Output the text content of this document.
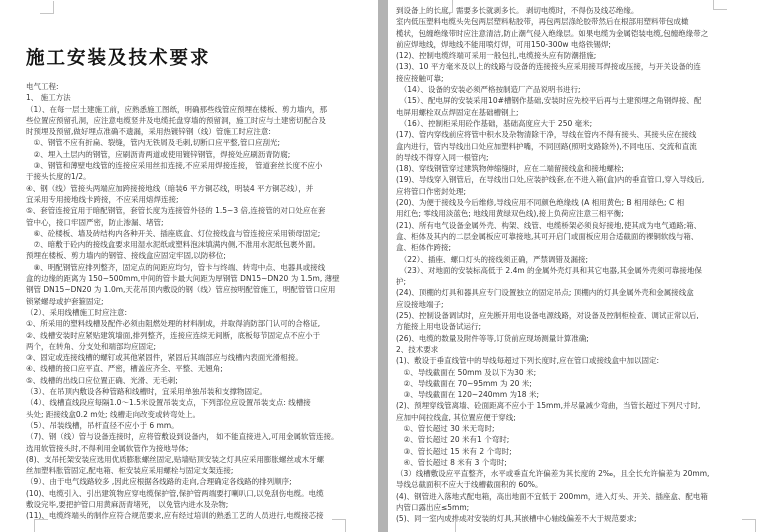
施工安装及技术要求
电气工程:
1、 施工方法
（1）、在每一层土建施工前，应熟悉施工图纸，明确那些线管应预埋在楼板、剪力墙内，那
些位置应预留孔洞，应注意电缆竖井及电缆托盘穿墙的预留洞，施工时应与土建密切配合及
时预埋及预留,做好埋点准确不遗漏，采用热镀锌钢（线）管施工时应注意:
　①、钢管不应有折扁、裂缝，管内无铁屑及毛刺,切断口应平整,管口应刮光;
　②、埋入土层内的钢管，应刷沥青两道或使用镀锌钢管，焊接处应刷沥青防腐;
　③、钢管和薄壁电线管的连接应采用丝扣连接,不应采用焊接连接， 管道套丝长度不应小
于接头长度的1/2。
④、钢（线）管接头两端应加跨接接地线（暗装6 平方铜芯线，明装4 平方铜芯线），并
宜采用专用接地线卡跨接，不应采用熔焊连接;
⑤、套管连接宜用于暗配钢管，套管长度为连接管外径的 1.5~3 倍,连接管的对口处应在套
管中心，接口牢固严密，防止渗漏、堵管;
　⑥、砼楼板、墙及砖结构内各种开关、插座底盒、灯位接线盒与管连接应采用锁母固定;
　⑦、暗敷于砼内的接线盒要求用湿水泥纸或塑料泡沫填满内侧,不准用水泥纸包裹外面。
预埋在楼板、剪力墙内的钢管、接线盒应固定牢固,以防移位;
　⑧、明配钢管应排列整齐，固定点的间距应均匀，管卡与终端、转弯中点、电器具或接线
盒的边缘的距离为 150~500mm,中间的管卡最大间距为厚钢管 DN15~DN20 为 1.5m, 薄壁
钢管 DN15~DN20 为 1.0m,天花吊顶内敷设的钢（线）管应按明配管施工，明配管管口应用
锁紧螺母或护套箍固定;
（2）、采用线槽施工时应注意:
①、所采用的塑料线槽及配件必须由阻燃处理的材料制成，并取得消防部门认可的合格证,
②、线槽安装时应紧贴建筑墙面,排列整齐，连接应连续无间断，底板每节固定点不应小于
两个，在转角、分支处和端部均应固定;
③、固定或连接线槽的螺钉或其他紧固件，紧固后其端部应与线槽内表面光滑相接。
④、线槽的接口应平直、严密，槽盖应齐全、平整、无翘角;
⑤、线槽的出线口应位置正确、光滑、无毛刺;
（3）、在吊顶内敷设各种管路和线槽时，宜采用单独吊装和支撑物固定。
（4）、线槽直线段应每隔1.0～1.5米设置吊装支点，下列部位应设置吊装支点: 线槽接
头处; 距接线盒0.2 m处; 线槽走向改变或转弯处上。
（5）、吊装线槽，吊杆直径不应小于 6 mm。
（7)、钢（线）管与设备连接时，应将管敷设到设备内， 如不能直接进入,可用金属软管连接。
选用软管接头时,不得利用金属软管作为接地导体;
(8)、支吊托架安装应选用优质膨胀螺丝固定,贴墙贴顶安装之灯具应采用膨胀螺丝或木牙螺
丝加塑料胀管固定,配电箱、柜安装应采用螺栓与固定支架连接;
（9）、由于电气线路较多 ,因此应根据各线路的走向,合理确定各线路的排列顺序;
(10)、电缆引入、引出建筑物应穿电缆保护管,保护管两端要打喇叭口,以免刮伤电缆。电缆
敷设完毕,要把护管口用黄麻沥青堵死， 以免管内进水及杂物;
(11)、电缆终端头的制作应符合规范要求,应有经过培训的熟悉工艺的人员进行,电缆接芯接
到设备上的长度，需要多长就剥多长。 剥切电缆时，不得伤及线芯绝缘。
室内低压塑料电缆头先包两层塑料粘胶带，再包两层涤纶胶带然后在根部用塑料带包成橄
榄状，包缠绝缘带时应注意清洁,防止潮气侵入绝缘层。如果电缆为金属铠装电缆,包缠绝缘带之
前应焊地线，焊地线不能用喷灯焊，可用150-300w 电烙铁锡焊;
(12)、控制电缆终端可采用一般包扎,电缆接头应有防潮措施;
(13)、10 平方毫米及以上的线路与设备的连接接头应采用接耳焊接或压接，与开关设备的连
接应接触可靠;
　（14）、设备的安装必须严格按制造厂产品说明书进行;
　（15）、配电屏的安装采用10#槽钢作基础,安装时应先校平后再与土建预埋之角钢焊接、配
电屏用螺栓双点焊固定在基础槽钢上;
　（16）、控制柜采用砼作基础，基础高度应大于 250 毫米;
(17)、管内穿线前应将管中积水及杂物清除干净，导线在管内不得有接头、其接头应在接线
盒内进行，管内导线出口处应加塑料护嘴，不同回路(照明支路除外),不同电压、交流和直流
的导线不得穿入同一根管内;
(18)、穿线钢管穿过建筑物伸缩缝时，应在二端留接线盒和接地螺栓;
(19)、导线穿入钢管后，在导线出口处,应装护线套,在不进入箱(盒)内的垂直管口,穿入导线后,
应将管口作密封处理;
(20)、为便于接线及今后维修,导线应用不同颜色绝缘线 (A 相用黄色; B 相用绿色; C 相
用红色; 零线用淡蓝色; 地线用黄绿双色线),接上负荷应注意三相平衡;
(21)、所有电气设备金属外壳、构架、线管、电缆桥架必须良好接地,使其成为电气通路;箱、
盒、柜体及其内的二层金属板应可靠接地,其可开启门或面板应用合适截面的裸铜软线与箱、
盒、柜体作跨接;
　（22）、插座、螺口灯头的接线须正确，严禁调错及漏接;
　（23）、对地面的安装标高低于 2.4m 的金属外壳灯具和其它电器,其金属外壳须可靠接地保
护;
(24)、顶棚的灯具和器具应专门设置独立的固定吊点; 顶棚内的灯具金属外壳和金属接线盒
应设接地端子;
(25)、控制设备调试时，应先断开用电设备电源线路，对设备及控制柜检查、调试正常以后,
方能接上用电设备试运行;
(26)、电缆的数量及附件等等,订货前应现场测量计算准确;
2、技术要求
(1)、敷设于垂直线管中的导线每超过下列长度时,应在管口或接线盒中加以固定:
　①、导线截面在 50mm 及以下为30 米;
　②、导线截面在 70~95mm 为 20 米;
　③、导线截面在 120~240mm 为18 米;
(2)、预埋穿线管离墙、砼面距离不应小于 15mm,并尽量减少弯曲，当管长超过下列尺寸时,
应加中间拉线盒, 其位置应便于穿线;
　①、管长超过 30 米无弯时;
　②、管长超过 20 米有1 个弯时;
　③、管长超过 15 米有 2 个弯时;
　④、管长超过 8 米有 3 个弯时;
（3）线槽敷设应平直整齐，水平或垂直允许偏差为其长度的 2‰，且全长允许偏差为 20mm,
导线总截面积不应大于线槽截面积的 60%。
(4)、钢管进入落地式配电箱，高出地面不宜低于 200mm，进入灯头、开关、插座盒、配电箱
内管口露出应≤5mm;
(5)、同一室内成排成对安装的灯具,其嵌槽中心轴线偏差不大于规范要求;
